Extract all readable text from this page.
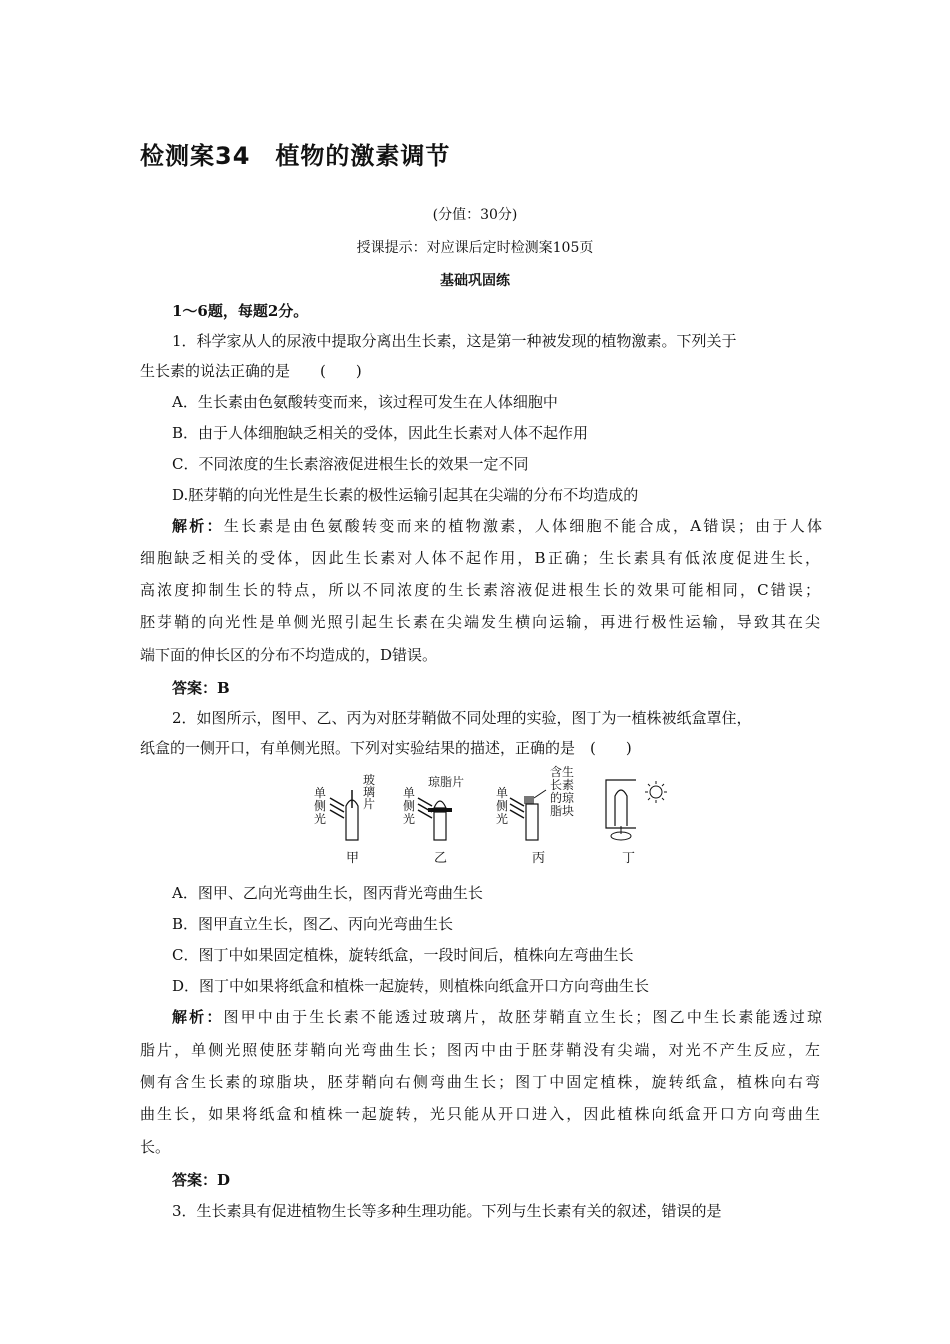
检测案34　植物的激素调节
(分值：30分)
授课提示：对应课后定时检测案105页
基础巩固练
1～6题，每题2分。
1．科学家从人的尿液中提取分离出生长素，这是第一种被发现的植物激素。下列关于
生长素的说法正确的是　　(　　)
A．生长素由色氨酸转变而来，该过程可发生在人体细胞中
B．由于人体细胞缺乏相关的受体，因此生长素对人体不起作用
C．不同浓度的生长素溶液促进根生长的效果一定不同
D.胚芽鞘的向光性是生长素的极性运输引起其在尖端的分布不均造成的
解析：生长素是由色氨酸转变而来的植物激素，人体细胞不能合成，A错误；由于人体
细胞缺乏相关的受体，因此生长素对人体不起作用，B正确；生长素具有低浓度促进生长，
高浓度抑制生长的特点，所以不同浓度的生长素溶液促进根生长的效果可能相同，C错误；
胚芽鞘的向光性是单侧光照引起生长素在尖端发生横向运输，再进行极性运输，导致其在尖
端下面的伸长区的分布不均造成的，D错误。
答案：B
2．如图所示，图甲、乙、丙为对胚芽鞘做不同处理的实验，图丁为一植株被纸盒罩住，
纸盒的一侧开口，有单侧光照。下列对实验结果的描述，正确的是　(　　)
单 侧 光
玻璃片
甲
单侧光
琼脂片
乙
单侧光
含生长素的琼脂块
丙	丁
A．图甲、乙向光弯曲生长，图丙背光弯曲生长
B．图甲直立生长，图乙、丙向光弯曲生长
C．图丁中如果固定植株，旋转纸盒，一段时间后，植株向左弯曲生长
D．图丁中如果将纸盒和植株一起旋转，则植株向纸盒开口方向弯曲生长
解析：图甲中由于生长素不能透过玻璃片，故胚芽鞘直立生长；图乙中生长素能透过琼
脂片，单侧光照使胚芽鞘向光弯曲生长；图丙中由于胚芽鞘没有尖端，对光不产生反应，左
侧有含生长素的琼脂块，胚芽鞘向右侧弯曲生长；图丁中固定植株，旋转纸盒，植株向右弯
曲生长，如果将纸盒和植株一起旋转，光只能从开口进入，因此植株向纸盒开口方向弯曲生
长。
答案：D
3．生长素具有促进植物生长等多种生理功能。下列与生长素有关的叙述，错误的是
